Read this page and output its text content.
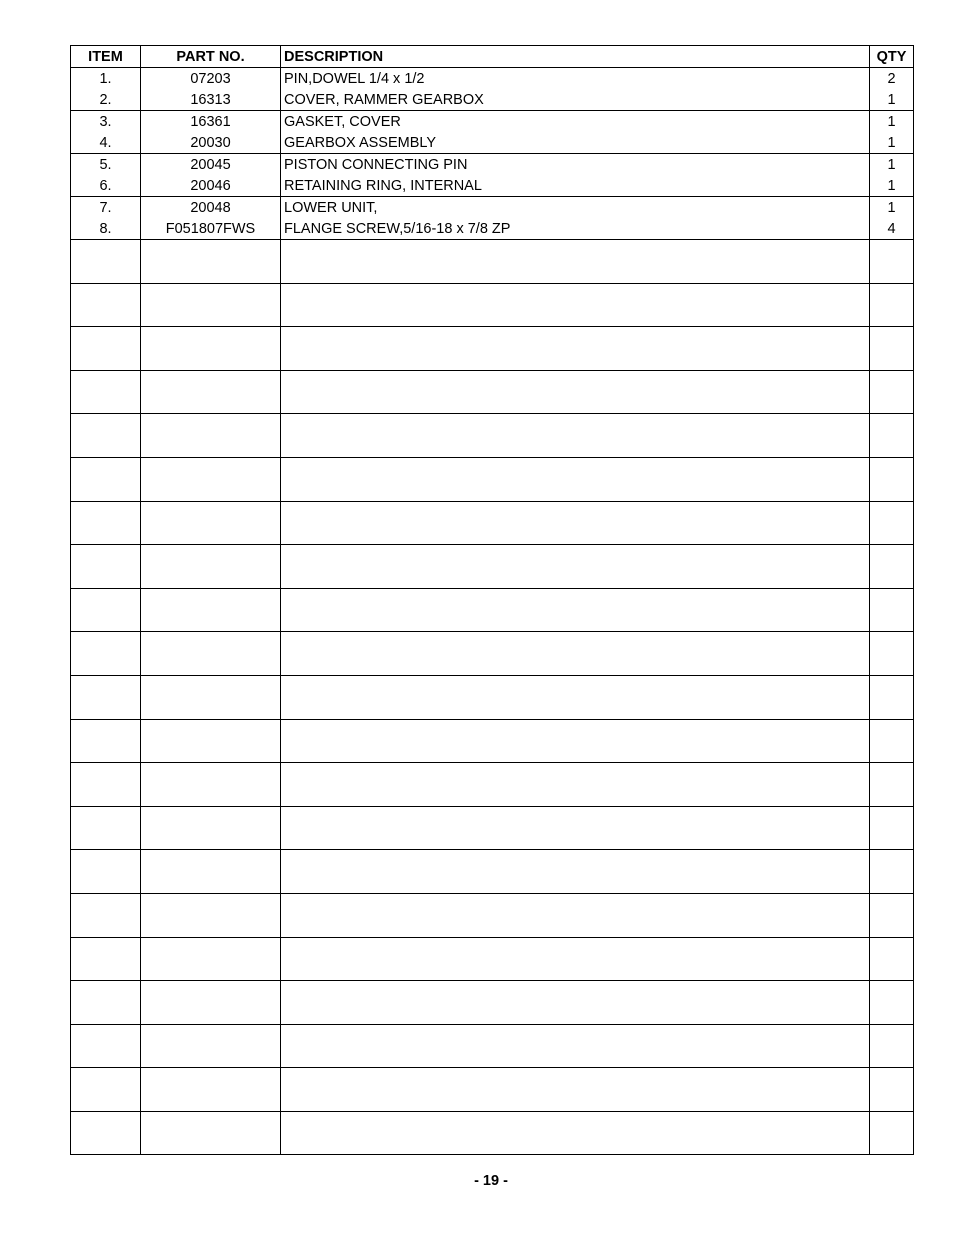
ITEM	PART NO.	DESCRIPTION	QTY
1.	07203	PIN,DOWEL 1/4 x 1/2	2
2.	16313	COVER, RAMMER GEARBOX	1
3.	16361	GASKET, COVER	1
4.	20030	GEARBOX ASSEMBLY	1
5.	20045	PISTON CONNECTING PIN	1
6.	20046	RETAINING RING, INTERNAL	1
7.	20048	LOWER UNIT,	1
8.	F051807FWS	FLANGE SCREW,5/16-18 x 7/8 ZP	4

- 19 -
